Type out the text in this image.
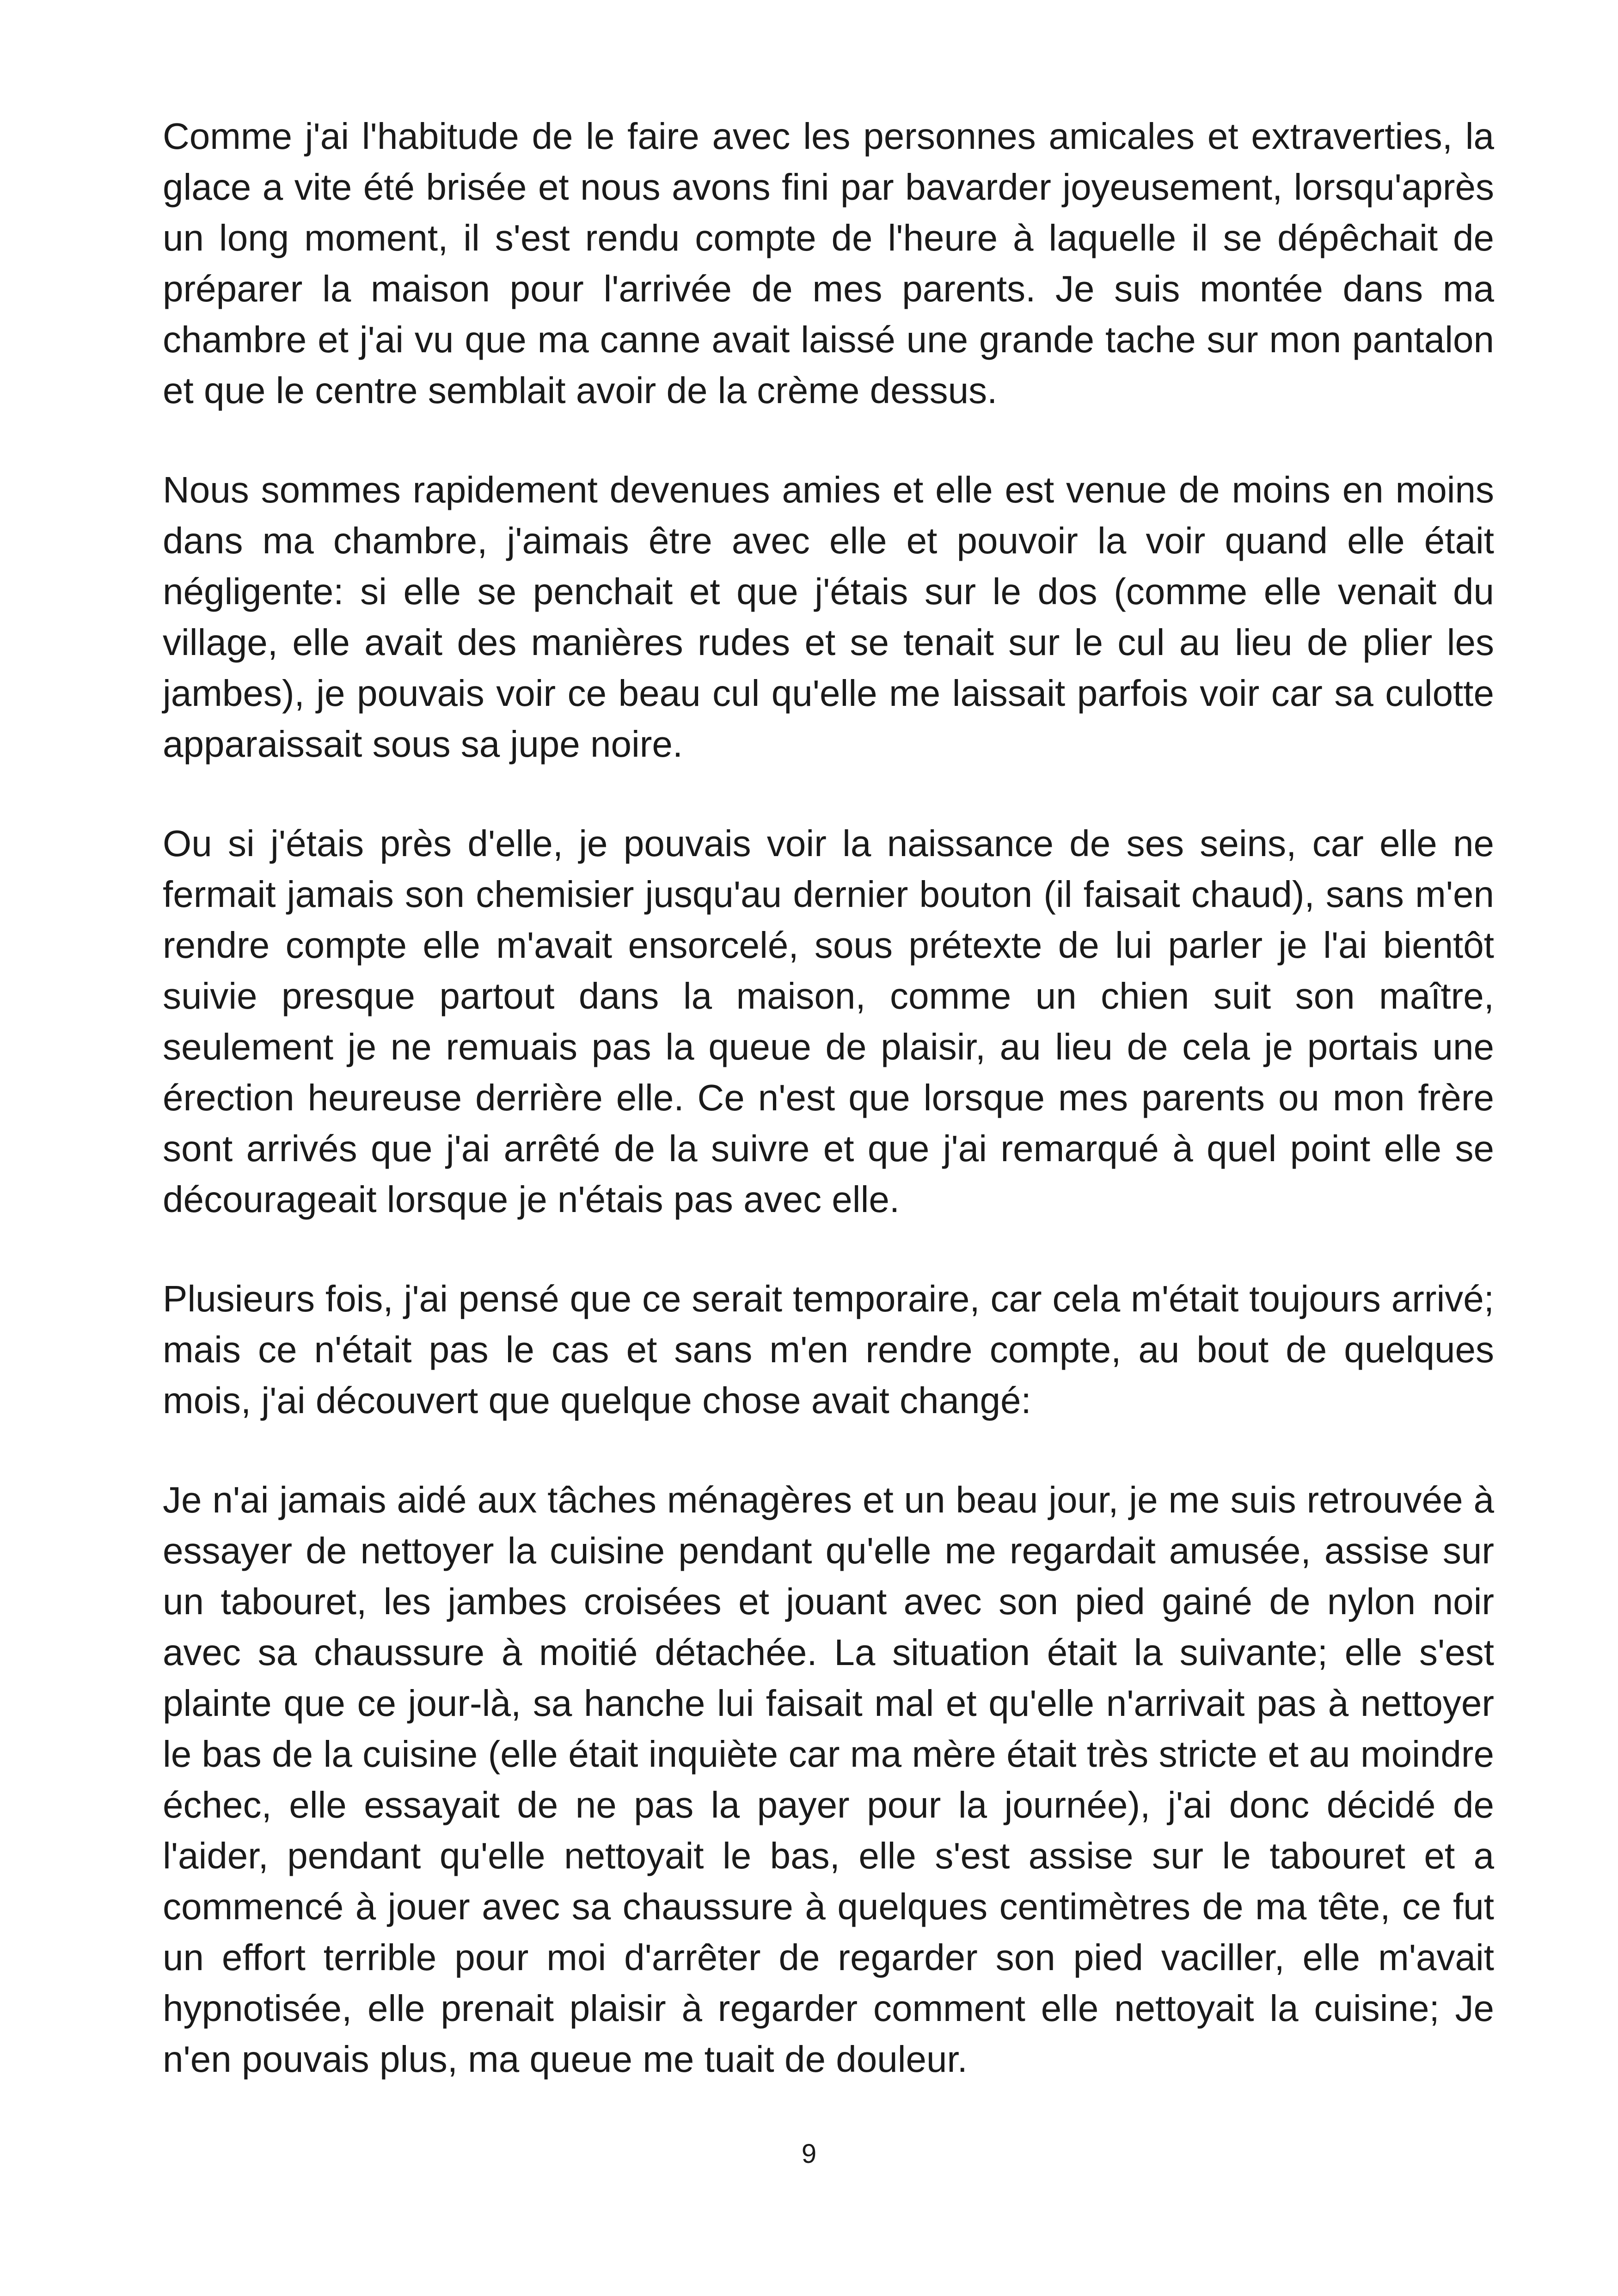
Comme j'ai l'habitude de le faire avec les personnes amicales et extraverties, la glace a vite été brisée et nous avons fini par bavarder joyeusement, lorsqu'après un long moment, il s'est rendu compte de l'heure à laquelle il se dépêchait de préparer la maison pour l'arrivée de mes parents. Je suis montée dans ma chambre et j'ai vu que ma canne avait laissé une grande tache sur mon pantalon et que le centre semblait avoir de la crème dessus.

Nous sommes rapidement devenues amies et elle est venue de moins en moins dans ma chambre, j'aimais être avec elle et pouvoir la voir quand elle était négligente: si elle se penchait et que j'étais sur le dos (comme elle venait du village, elle avait des manières rudes et se tenait sur le cul au lieu de plier les jambes), je pouvais voir ce beau cul qu'elle me laissait parfois voir car sa culotte apparaissait sous sa jupe noire.

Ou si j'étais près d'elle, je pouvais voir la naissance de ses seins, car elle ne fermait jamais son chemisier jusqu'au dernier bouton (il faisait chaud), sans m'en rendre compte elle m'avait ensorcelé, sous prétexte de lui parler je l'ai bientôt suivie presque partout dans la maison, comme un chien suit son maître, seulement je ne remuais pas la queue de plaisir, au lieu de cela je portais une érection heureuse derrière elle. Ce n'est que lorsque mes parents ou mon frère sont arrivés que j'ai arrêté de la suivre et que j'ai remarqué à quel point elle se décourageait lorsque je n'étais pas avec elle.

Plusieurs fois, j'ai pensé que ce serait temporaire, car cela m'était toujours arrivé; mais ce n'était pas le cas et sans m'en rendre compte, au bout de quelques mois, j'ai découvert que quelque chose avait changé:

Je n'ai jamais aidé aux tâches ménagères et un beau jour, je me suis retrouvée à essayer de nettoyer la cuisine pendant qu'elle me regardait amusée, assise sur un tabouret, les jambes croisées et jouant avec son pied gainé de nylon noir avec sa chaussure à moitié détachée. La situation était la suivante; elle s'est plainte que ce jour-là, sa hanche lui faisait mal et qu'elle n'arrivait pas à nettoyer le bas de la cuisine (elle était inquiète car ma mère était très stricte et au moindre échec, elle essayait de ne pas la payer pour la journée), j'ai donc décidé de l'aider, pendant qu'elle nettoyait le bas, elle s'est assise sur le tabouret et a commencé à jouer avec sa chaussure à quelques centimètres de ma tête, ce fut un effort terrible pour moi d'arrêter de regarder son pied vaciller, elle m'avait hypnotisée, elle prenait plaisir à regarder comment elle nettoyait la cuisine; Je n'en pouvais plus, ma queue me tuait de douleur.

9
